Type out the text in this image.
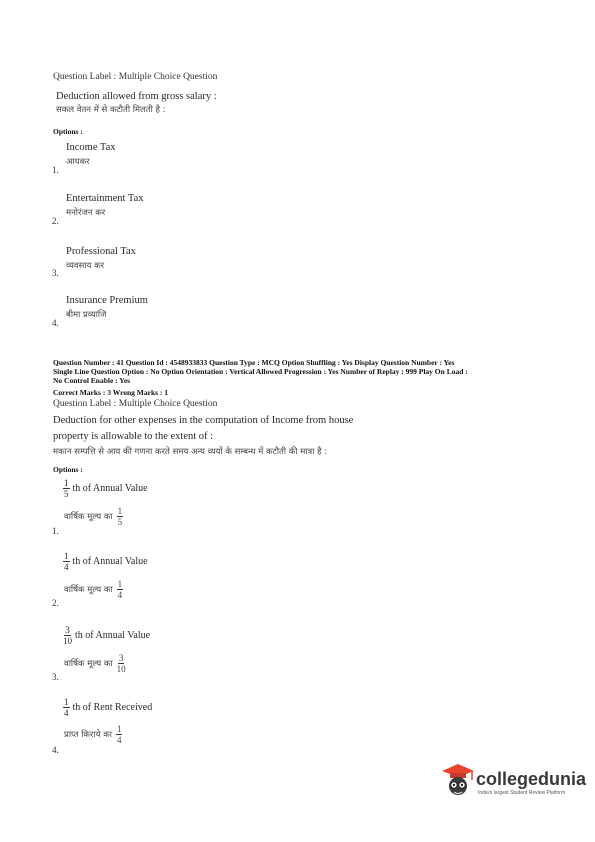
Question Label : Multiple Choice Question
Deduction allowed from gross salary :
सकल वेतन में से कटौती मिलती है :
Options :
Income Tax
आयकर
1.
Entertainment Tax
मनोरंजन कर
2.
Professional Tax
व्यवसाय कर
3.
Insurance Premium
बीमा प्रव्याजि
4.
Question Number : 41 Question Id : 4548933833 Question Type : MCQ Option Shuffling : Yes Display Question Number : Yes
Single Line Question Option : No Option Orientation : Vertical Allowed Progression : Yes Number of Replay : 999 Play On Load :
No Control Enable : Yes
Correct Marks : 3 Wrong Marks : 1
Question Label : Multiple Choice Question
Deduction for other expenses in the computation of Income from house
property is allowable to the extent of :
मकान सम्पत्ति से आय की गणना करते समय अन्य व्ययों के सम्बन्ध में कटौती की मात्रा है :
Options :
$\frac{1}{5}$ th of Annual Value
वार्षिक मूल्य का $\frac{1}{5}$
1.
$\frac{1}{4}$ th of Annual Value
वार्षिक मूल्य का $\frac{1}{4}$
2.
$\frac{3}{10}$ th of Annual Value
वार्षिक मूल्य का $\frac{3}{10}$
3.
$\frac{1}{4}$ th of Rent Received
प्राप्त किराये का $\frac{1}{4}$
4.
collegedunia
India's largest Student Review Platform
